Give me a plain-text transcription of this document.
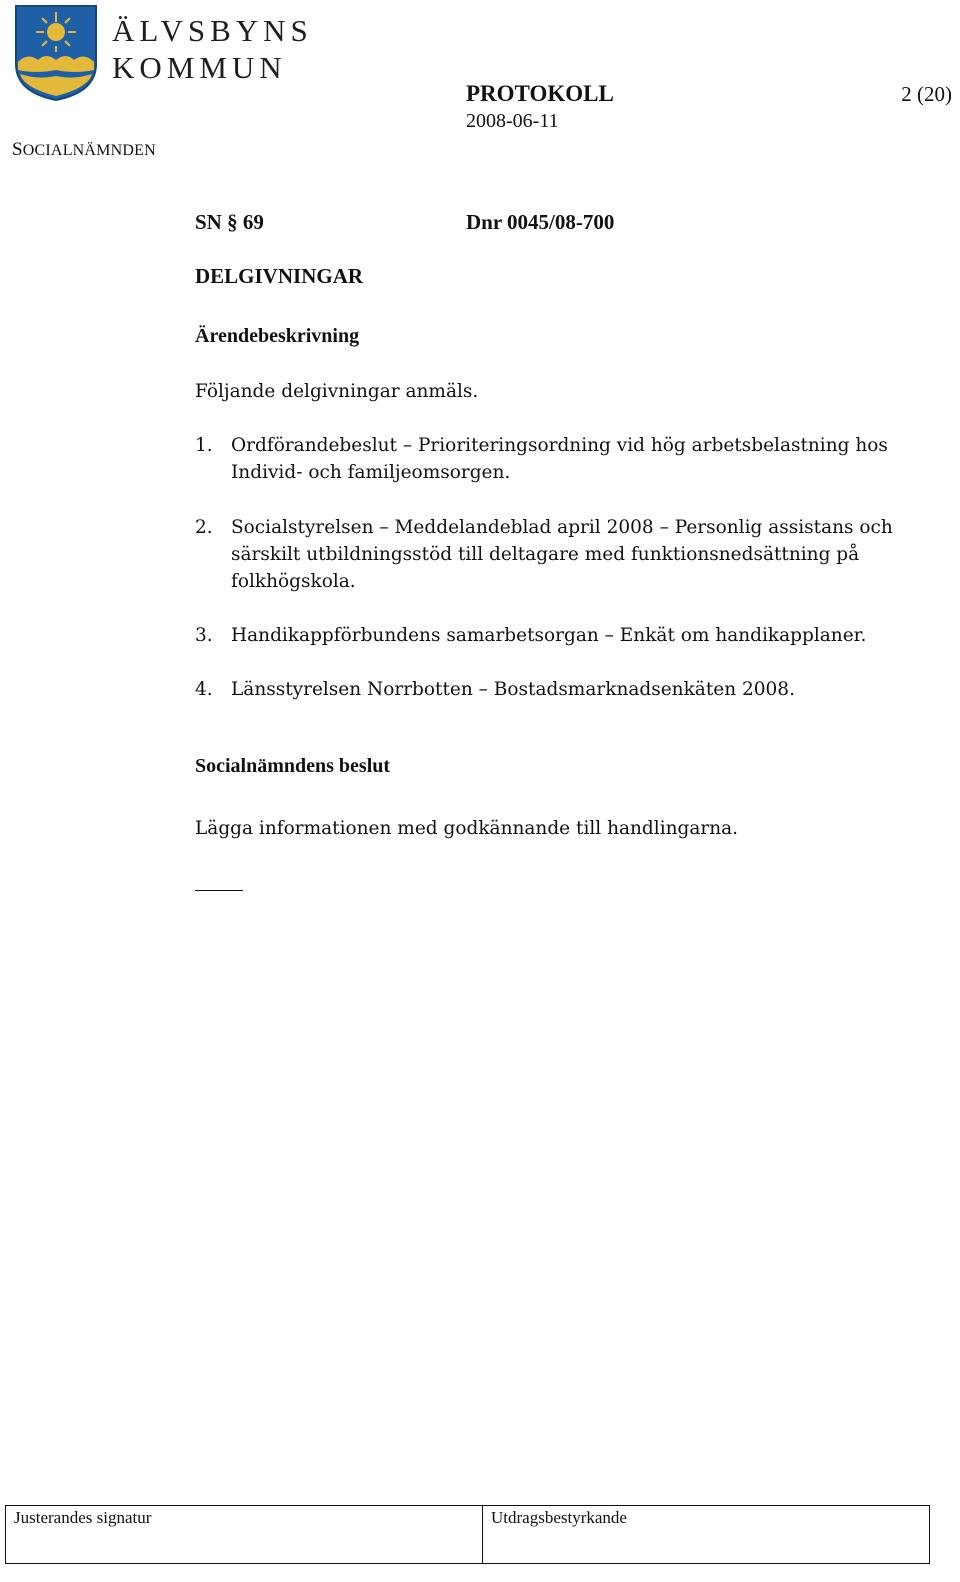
ÄLVSBYNS
KOMMUN
SOCIALNÄMNDEN
PROTOKOLL	2 (20)
2008-06-11
SN § 69	Dnr 0045/08-700
DELGIVNINGAR
Ärendebeskrivning
Följande delgivningar anmäls.
1. Ordförandebeslut – Prioriteringsordning vid hög arbetsbelastning hos Individ- och familjeomsorgen.
2. Socialstyrelsen – Meddelandeblad april 2008 – Personlig assistans och särskilt utbildningsstöd till deltagare med funktionsnedsättning på folkhögskola.
3. Handikappförbundens samarbetsorgan – Enkät om handikapplaner.
4. Länsstyrelsen Norrbotten – Bostadsmarknadsenkäten 2008.
Socialnämndens beslut
Lägga informationen med godkännande till handlingarna.
Justerandes signatur	Utdragsbestyrkande
